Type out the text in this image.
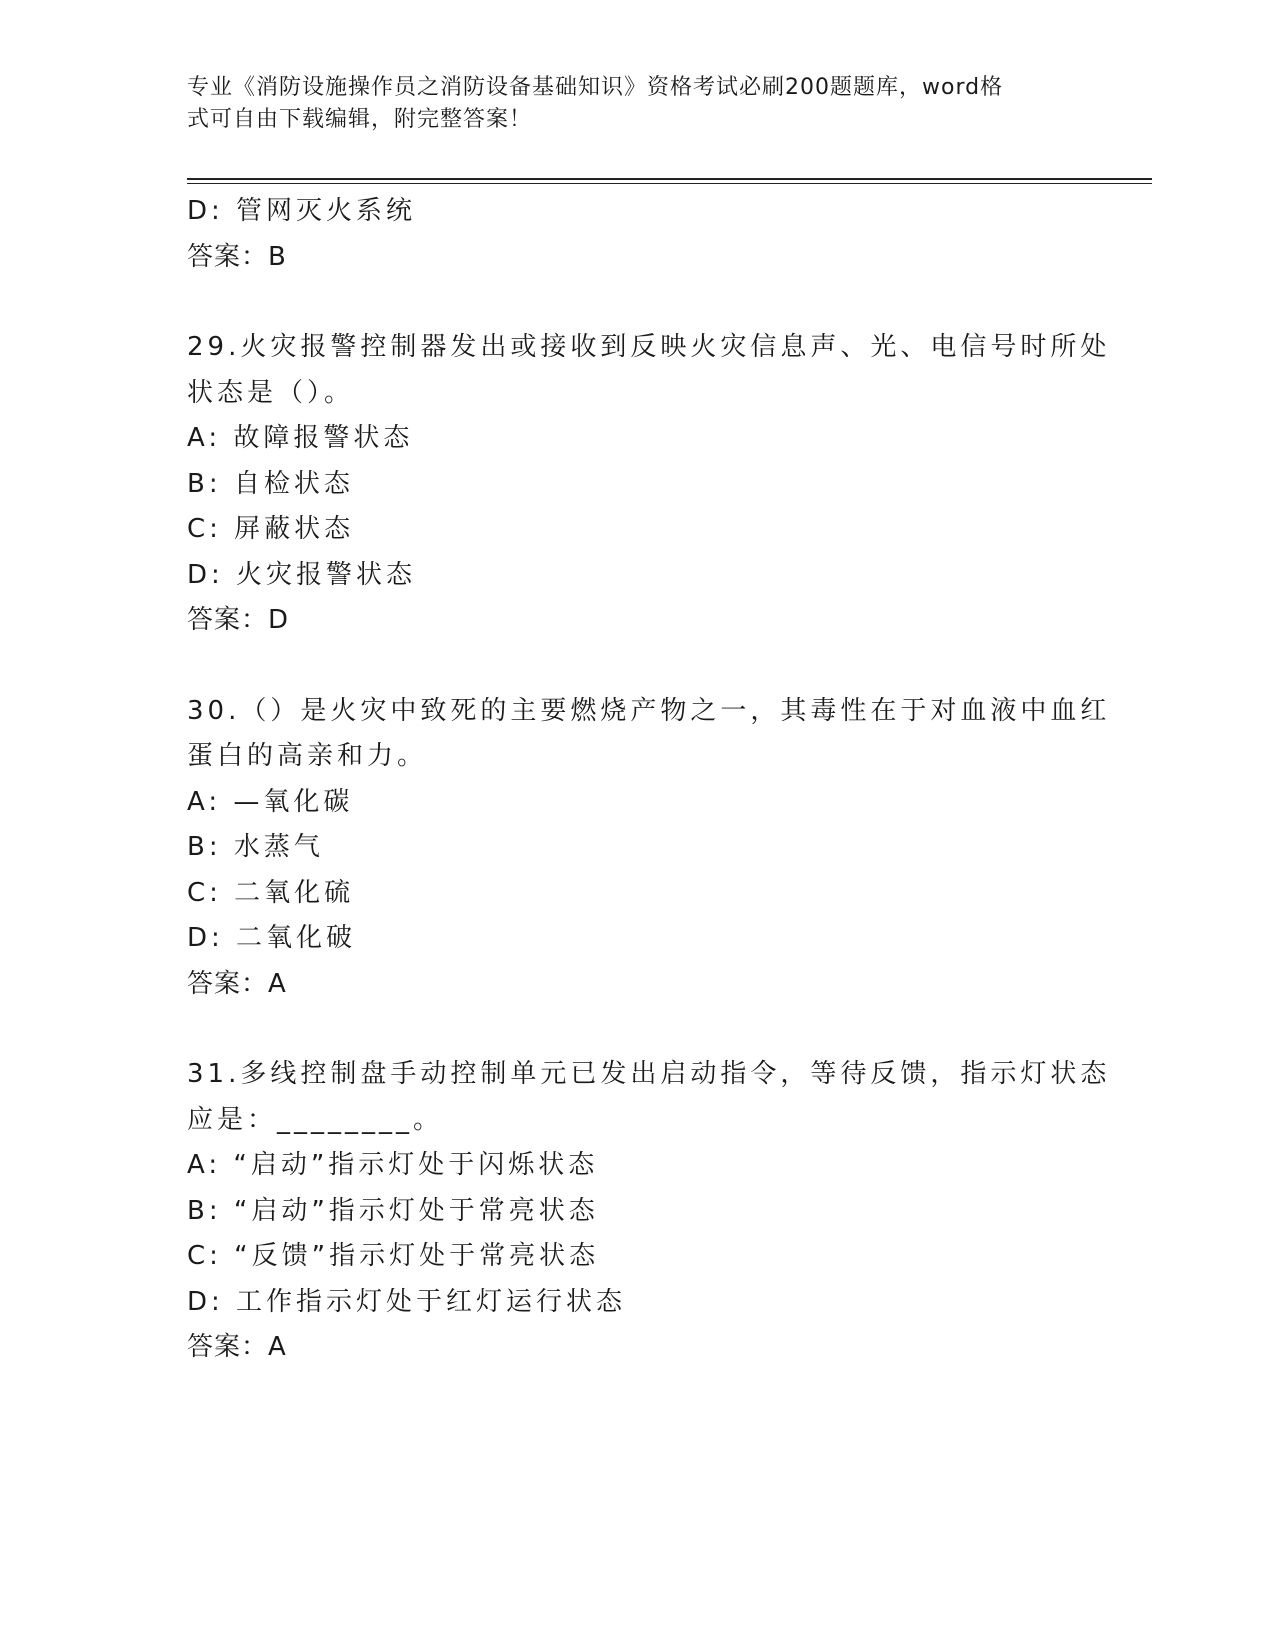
专业《消防设施操作员之消防设备基础知识》资格考试必刷200题题库，word格
式可自由下载编辑，附完整答案！
D: 管网灭火系统
答案：B
29.火灾报警控制器发出或接收到反映火灾信息声、光、电信号时所处
状态是（）。
A: 故障报警状态
B: 自检状态
C: 屏蔽状态
D: 火灾报警状态
答案：D
30.（）是火灾中致死的主要燃烧产物之一，其毒性在于对血液中血红
蛋白的高亲和力。
A: —氧化碳
B: 水蒸气
C: 二氧化硫
D: 二氧化破
答案：A
31.多线控制盘手动控制单元已发出启动指令，等待反馈，指示灯状态
应是：________。
A: “启动”指示灯处于闪烁状态
B: “启动”指示灯处于常亮状态
C: “反馈”指示灯处于常亮状态
D: 工作指示灯处于红灯运行状态
答案：A
